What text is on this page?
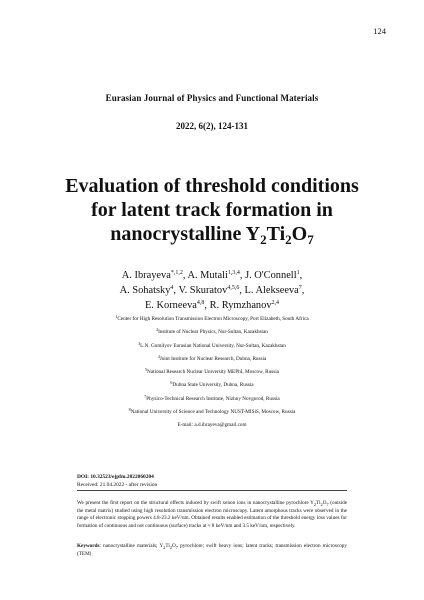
124
Eurasian Journal of Physics and Functional Materials
2022, 6(2), 124-131
Evaluation of threshold conditions
for latent track formation in
nanocrystalline $Y_2Ti_2O_7$
A. Ibrayeva$^{*,1,2}$, A. Mutali$^{1,3,4}$, J. O'Connell$^1$,
A. Sohatsky$^4$, V. Skuratov$^{4,5,6}$, L. Alekseeva$^7$,
E. Korneeva$^{4,8}$, R. Rymzhanov$^{2,4}$
$^1$Center for High Resolution Transmission Electron Microscopy, Port Elizabeth, South Africa
$^2$Institute of Nuclear Physics, Nur-Sultan, Kazakhstan
$^3$L.N. Gumilyov Eurasian National University, Nur-Sultan, Kazakhstan
$^4$Joint Institute for Nuclear Research, Dubna, Russia
$^5$National Research Nuclear University MEPhI, Moscow, Russia
$^6$Dubna State University, Dubna, Russia
$^7$Physico-Technical Research Institute, Nizhny Novgorod, Russia
$^8$National University of Science and Technology NUST-MISiS, Moscow, Russia
E-mail: a.d.ibrayeva@gmail.com
DOI: 10.32523/ejpfm.2022060204
Received: 21.04.2022 - after revision
We present the first report on the structural effects induced by swift xenon ions in nanocrystalline pyrochlore $Y_2Ti_2O_7$ (outside the metal matrix) studied using high resolution transmission electron microscopy. Latent amorphous tracks were observed in the range of electronic stopping powers 4.8-23.2 keV/nm. Obtained results enabled estimation of the threshold energy loss values for formation of continuous and not continuous (surface) tracks at ≈ 8 keV/nm and 3.5 keV/nm, respectively.
Keywords: nanocrystalline materials; $Y_2Ti_2O_7$ pyrochlore; swift heavy ions; latent tracks; transmission electron microscopy (TEM)
